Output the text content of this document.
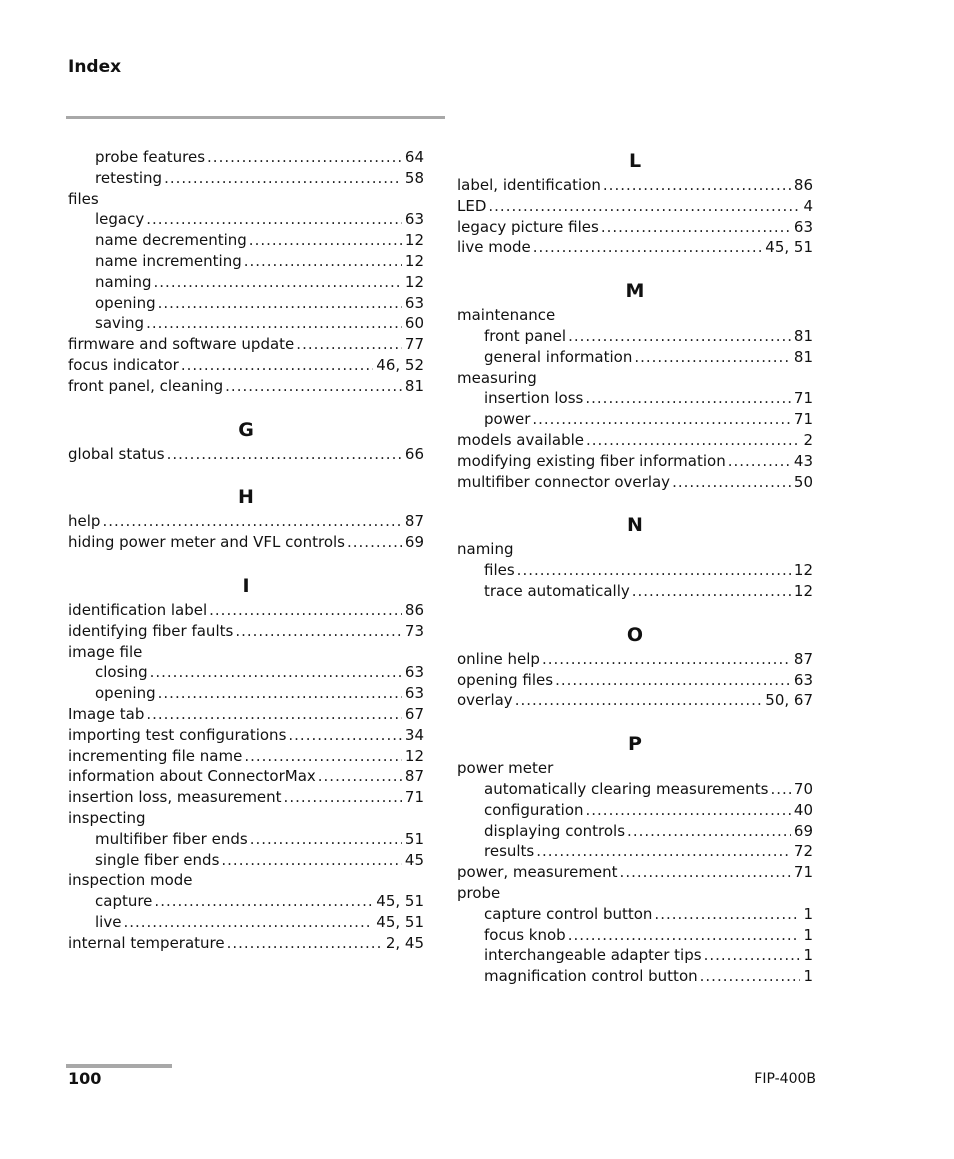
Index
probe features .....	64
retesting .....	58
files
legacy .....	63
name decrementing .....	12
name incrementing .....	12
naming .....	12
opening .....	63
saving .....	60
firmware and software update .....	77
focus indicator .....	46, 52
front panel, cleaning .....	81
G
global status .....	66
H
help .....	87
hiding power meter and VFL controls .....	69
I
identification label .....	86
identifying fiber faults .....	73
image file
closing .....	63
opening .....	63
Image tab .....	67
importing test configurations .....	34
incrementing file name .....	12
information about ConnectorMax .....	87
insertion loss, measurement .....	71
inspecting
multifiber fiber ends .....	51
single fiber ends .....	45
inspection mode
capture .....	45, 51
live .....	45, 51
internal temperature .....	2, 45
L
label, identification .....	86
LED .....	4
legacy picture files .....	63
live mode .....	45, 51
M
maintenance
front panel .....	81
general information .....	81
measuring
insertion loss .....	71
power .....	71
models available .....	2
modifying existing fiber information .....	43
multifiber connector overlay .....	50
N
naming
files .....	12
trace automatically .....	12
O
online help .....	87
opening files .....	63
overlay .....	50, 67
P
power meter
automatically clearing measurements ..... 70
configuration .....	40
displaying controls .....	69
results .....	72
power, measurement .....	71
probe
capture control button .....	1
focus knob .....	1
interchangeable adapter tips .....	1
magnification control button .....	1
100	FIP-400B
